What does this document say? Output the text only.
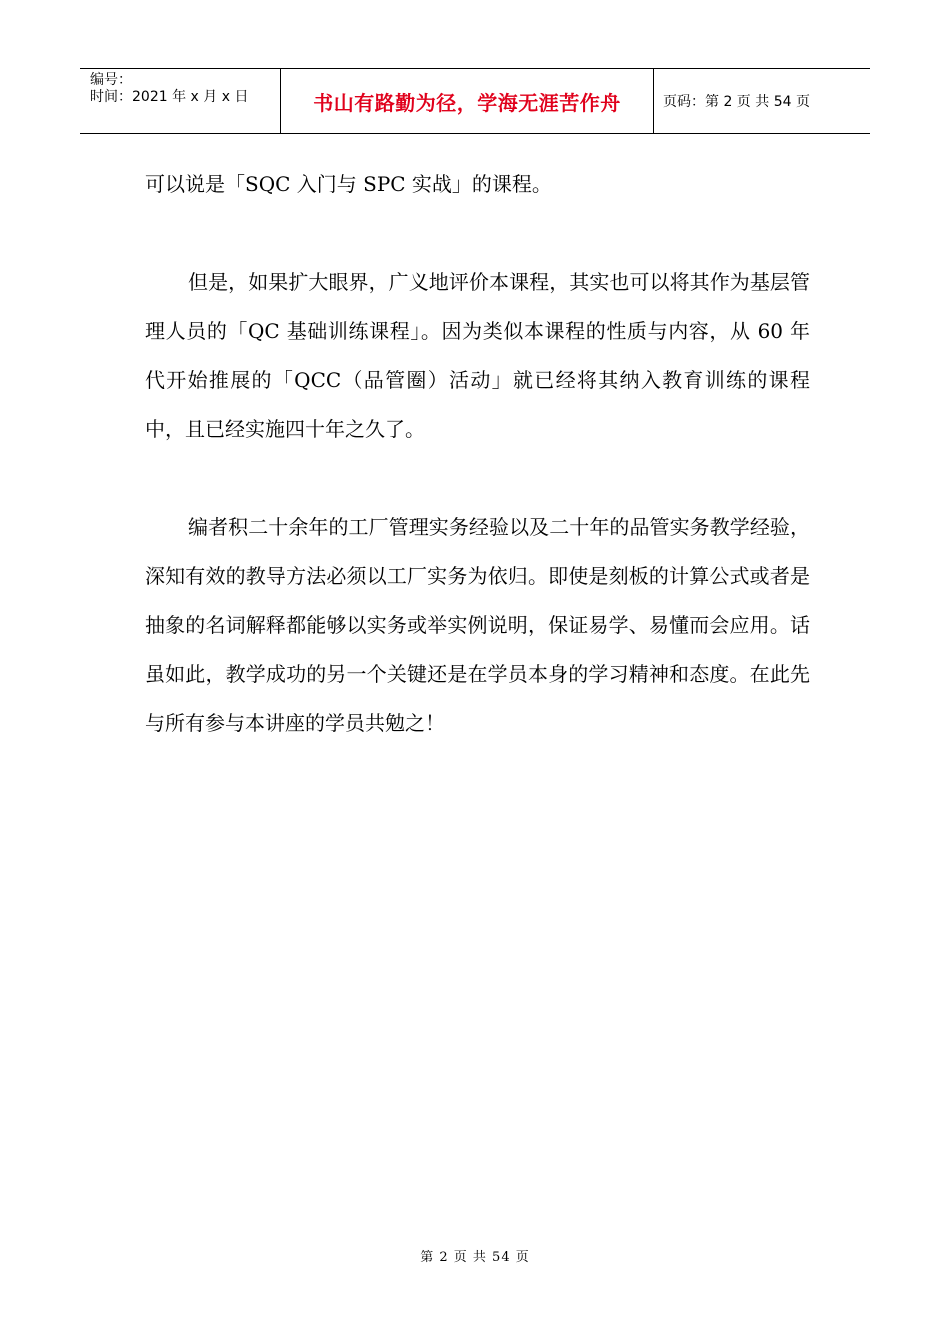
编号：
时间：2021 年 x 月 x 日	书山有路勤为径，学海无涯苦作舟	页码：第 2 页 共 54 页

可以说是「SQC 入门与 SPC 实战」的课程。

但是，如果扩大眼界，广义地评价本课程，其实也可以将其作为基层管理人员的「QC 基础训练课程」。因为类似本课程的性质与内容，从 60 年代开始推展的「QCC（品管圈）活动」就已经将其纳入教育训练的课程中，且已经实施四十年之久了。

编者积二十余年的工厂管理实务经验以及二十年的品管实务教学经验，深知有效的教导方法必须以工厂实务为依归。即使是刻板的计算公式或者是抽象的名词解释都能够以实务或举实例说明，保证易学、易懂而会应用。话虽如此，教学成功的另一个关键还是在学员本身的学习精神和态度。在此先与所有参与本讲座的学员共勉之！

第 2 页 共 54 页
